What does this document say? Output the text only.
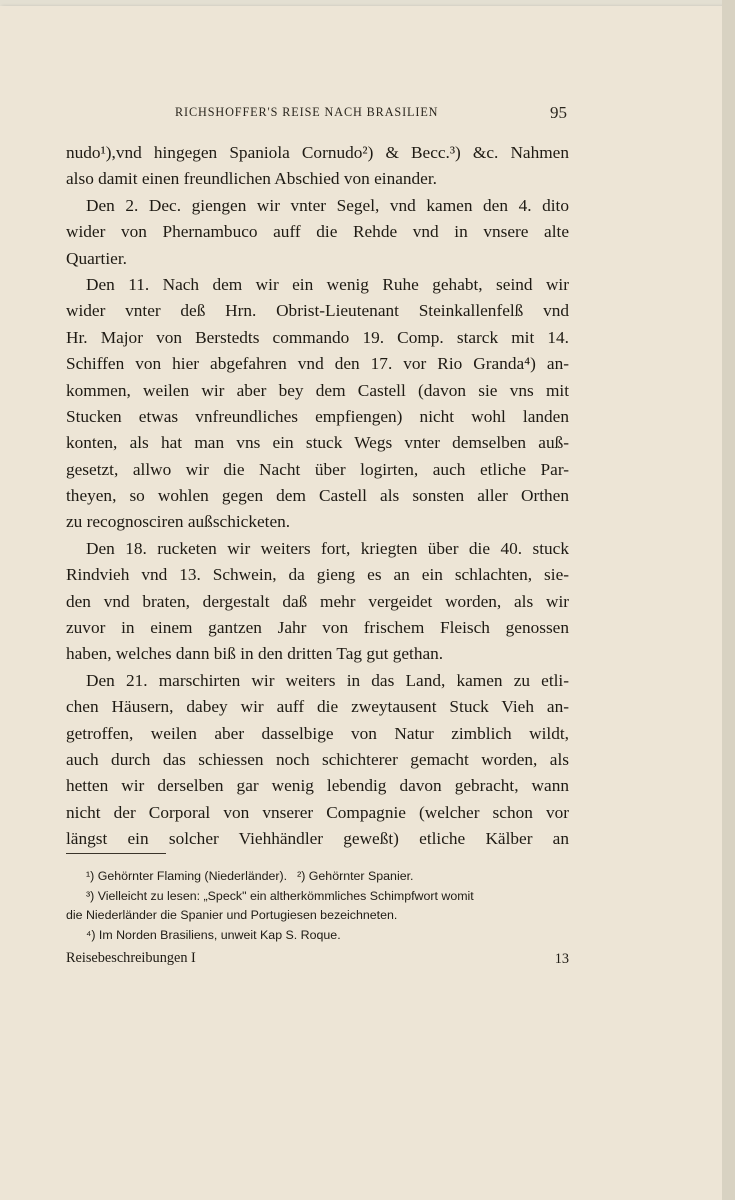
RICHSHOFFER'S REISE NACH BRASILIEN	95
nudo¹),vnd hingegen Spaniola Cornudo²) & Becc.³) &c. Nahmen
also damit einen freundlichen Abschied von einander.
Den 2. Dec. giengen wir vnter Segel, vnd kamen den 4. dito
wider von Phernambuco auff die Rehde vnd in vnsere alte
Quartier.
Den 11. Nach dem wir ein wenig Ruhe gehabt, seind wir
wider vnter deß Hrn. Obrist-Lieutenant Steinkallenfelß vnd
Hr. Major von Berstedts commando 19. Comp. starck mit 14.
Schiffen von hier abgefahren vnd den 17. vor Rio Granda⁴) an-
kommen, weilen wir aber bey dem Castell (davon sie vns mit
Stucken etwas vnfreundliches empfiengen) nicht wohl landen
konten, als hat man vns ein stuck Wegs vnter demselben auß-
gesetzt, allwo wir die Nacht über logirten, auch etliche Par-
theyen, so wohlen gegen dem Castell als sonsten aller Orthen
zu recognosciren außschicketen.
Den 18. rucketen wir weiters fort, kriegten über die 40. stuck
Rindvieh vnd 13. Schwein, da gieng es an ein schlachten, sie-
den vnd braten, dergestalt daß mehr vergeidet worden, als wir
zuvor in einem gantzen Jahr von frischem Fleisch genossen
haben, welches dann biß in den dritten Tag gut gethan.
Den 21. marschirten wir weiters in das Land, kamen zu etli-
chen Häusern, dabey wir auff die zweytausent Stuck Vieh an-
getroffen, weilen aber dasselbige von Natur zimblich wildt,
auch durch das schiessen noch schichterer gemacht worden, als
hetten wir derselben gar wenig lebendig davon gebracht, wann
nicht der Corporal von vnserer Compagnie (welcher schon vor
längst ein solcher Viehhändler geweßt) etliche Kälber an
¹) Gehörnter Flaming (Niederländer). ²) Gehörnter Spanier.
³) Vielleicht zu lesen: „Speck" ein altherkömmliches Schimpfwort womit
die Niederländer die Spanier und Portugiesen bezeichneten.
⁴) Im Norden Brasiliens, unweit Kap S. Roque.
Reisebeschreibungen I	13
